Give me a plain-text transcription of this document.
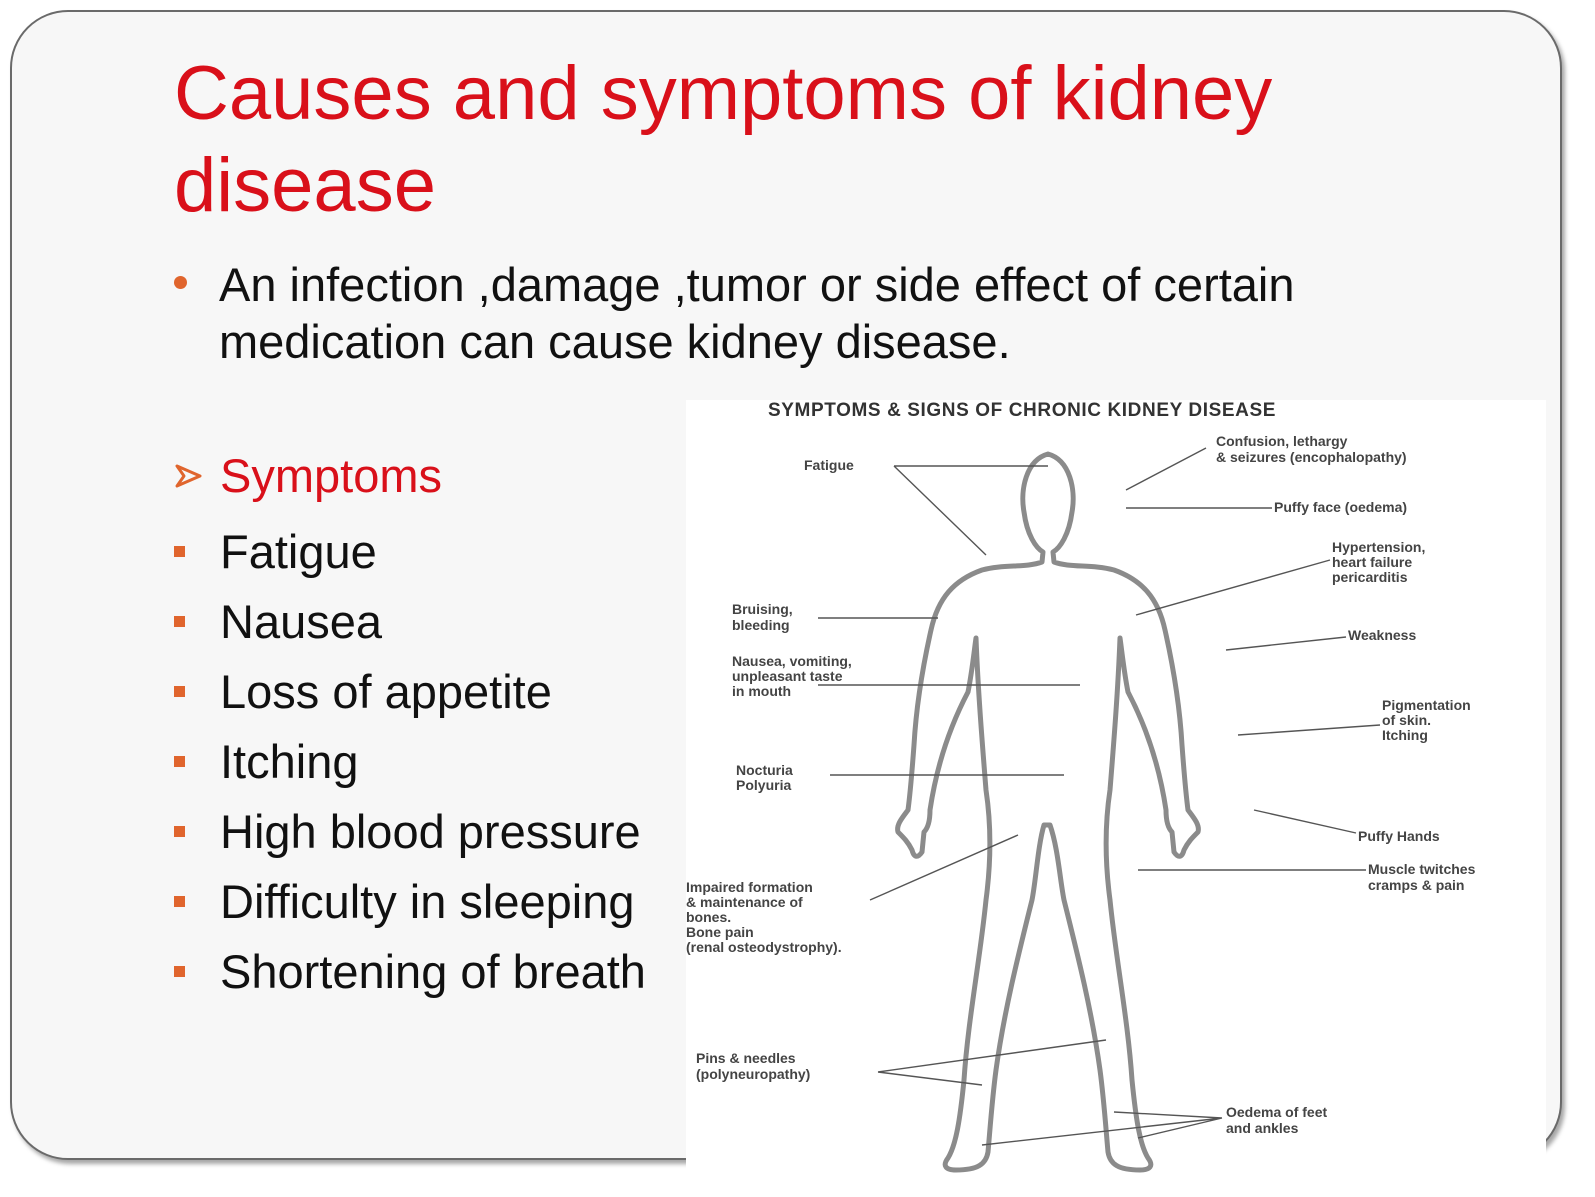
Causes and symptoms of kidney disease
An infection ,damage ,tumor or side effect of certain medication can cause kidney disease.
Symptoms
Fatigue
Nausea
Loss of appetite
Itching
High blood pressure
Difficulty in sleeping
Shortening of breath
SYMPTOMS & SIGNS OF CHRONIC KIDNEY DISEASE
Fatigue
Bruising,
bleeding
Nausea, vomiting,
unpleasant taste
in mouth
Nocturia
Polyuria
Impaired formation
& maintenance of
bones.
Bone pain
(renal osteodystrophy).
Pins & needles
(polyneuropathy)
Confusion, lethargy
& seizures (encophalopathy)
Puffy face (oedema)
Hypertension,
heart failure
pericarditis
Weakness
Pigmentation
of skin.
Itching
Puffy Hands
Muscle twitches
cramps & pain
Oedema of feet
and ankles
